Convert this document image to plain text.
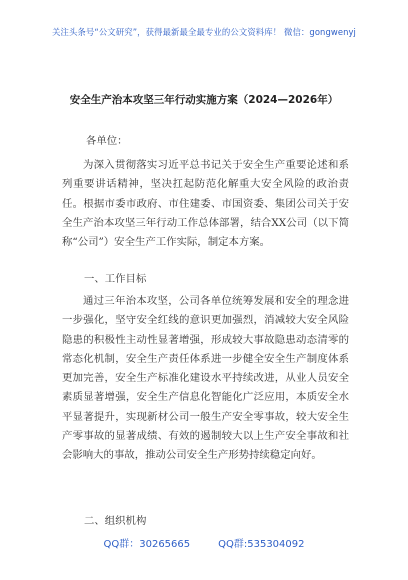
关注头条号“公文研究”，获得最新最全最专业的公文资料库！ 微信：gongwenyj
安全生产治本攻坚三年行动实施方案（2024—2026年）
各单位：

为深入贯彻落实习近平总书记关于安全生产重要论述和系列重要讲话精神，坚决扛起防范化解重大安全风险的政治责任。根据市委市政府、市住建委、市国资委、集团公司关于安全生产治本攻坚三年行动工作总体部署，结合XX公司（以下简称“公司”）安全生产工作实际，制定本方案。

一、工作目标

通过三年治本攻坚，公司各单位统筹发展和安全的理念进一步强化，坚守安全红线的意识更加强烈，消减较大安全风险隐患的积极性主动性显著增强，形成较大事故隐患动态清零的常态化机制，安全生产责任体系进一步健全安全生产制度体系更加完善，安全生产标准化建设水平持续改进，从业人员安全素质显著增强，安全生产信息化智能化广泛应用，本质安全水平显著提升，实现新材公司一般生产安全零事故，较大安全生产零事故的显著成绩、有效的遏制较大以上生产安全事故和社会影响大的事故，推动公司安全生产形势持续稳定向好。

二、组织机构
QQ群：30265665	QQ群:535304092
